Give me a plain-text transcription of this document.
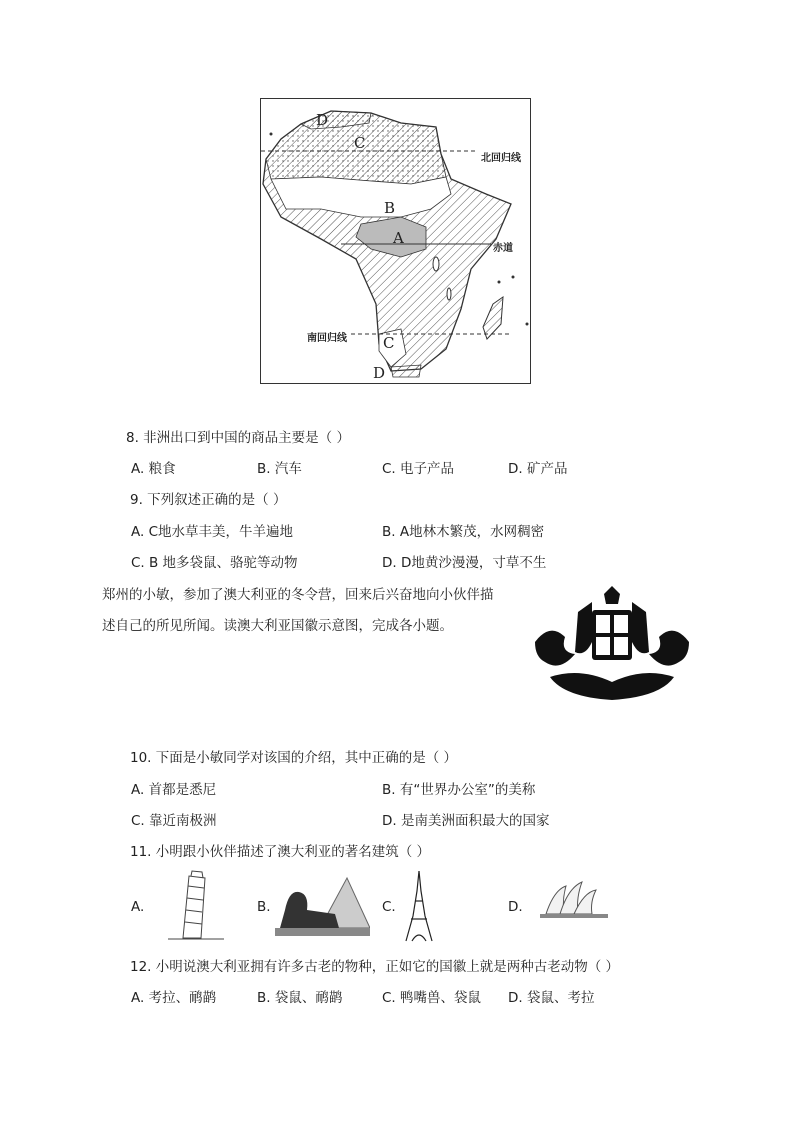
D
C
B
A
C
D
北回归线
赤道
南回归线
8. 非洲出口到中国的商品主要是（ ）
A. 粮食	B. 汽车	C. 电子产品	D. 矿产品
9. 下列叙述正确的是（ ）
A. C地水草丰美，牛羊遍地	B. A地林木繁茂，水网稠密
C. B 地多袋鼠、骆驼等动物	D. D地黄沙漫漫，寸草不生
郑州的小敏，参加了澳大利亚的冬令营，回来后兴奋地向小伙伴描
述自己的所见所闻。读澳大利亚国徽示意图，完成各小题。
10. 下面是小敏同学对该国的介绍，其中正确的是（ ）
A. 首都是悉尼	B. 有“世界办公室”的美称
C. 靠近南极洲	D. 是南美洲面积最大的国家
11. 小明跟小伙伴描述了澳大利亚的著名建筑（ ）
A.	B.	C.	D.
12. 小明说澳大利亚拥有许多古老的物种，正如它的国徽上就是两种古老动物（ ）
A. 考拉、鸸鹋	B. 袋鼠、鸸鹋	C. 鸭嘴兽、袋鼠 D. 袋鼠、考拉
